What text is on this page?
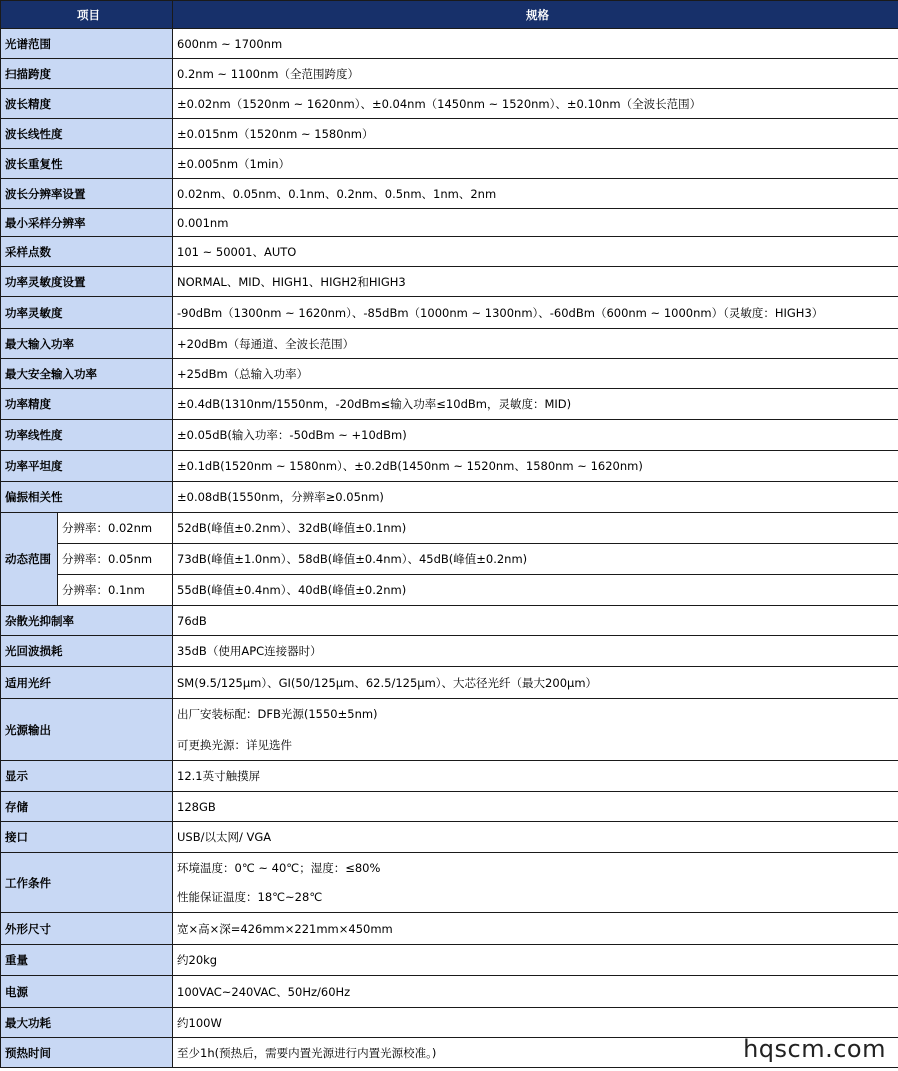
项目		规格
光谱范围		600nm ~ 1700nm
扫描跨度		0.2nm ~ 1100nm（全范围跨度）
波长精度		±0.02nm（1520nm ~ 1620nm）、±0.04nm（1450nm ~ 1520nm）、±0.10nm（全波长范围）
波长线性度		±0.015nm（1520nm ~ 1580nm）
波长重复性		±0.005nm（1min）
波长分辨率设置		0.02nm、0.05nm、0.1nm、0.2nm、0.5nm、1nm、2nm
最小采样分辨率		0.001nm
采样点数		101 ~ 50001、AUTO
功率灵敏度设置		NORMAL、MID、HIGH1、HIGH2和HIGH3
功率灵敏度		-90dBm（1300nm ~ 1620nm）、-85dBm（1000nm ~ 1300nm）、-60dBm（600nm ~ 1000nm）（灵敏度：HIGH3）
最大输入功率		+20dBm（每通道、全波长范围）
最大安全输入功率		+25dBm（总输入功率）
功率精度		±0.4dB(1310nm/1550nm，-20dBm≤输入功率≤10dBm，灵敏度：MID)
功率线性度		±0.05dB(输入功率：-50dBm ~ +10dBm)
功率平坦度		±0.1dB(1520nm ~ 1580nm）、±0.2dB(1450nm ~ 1520nm、1580nm ~ 1620nm)
偏振相关性		±0.08dB(1550nm，分辨率≥0.05nm)
动态范围	分辨率：0.02nm	52dB(峰值±0.2nm）、32dB(峰值±0.1nm)
	分辨率：0.05nm	73dB(峰值±1.0nm）、58dB(峰值±0.4nm）、45dB(峰值±0.2nm)
	分辨率：0.1nm	55dB(峰值±0.4nm）、40dB(峰值±0.2nm)
杂散光抑制率		76dB
光回波损耗		35dB（使用APC连接器时）
适用光纤		SM(9.5/125μm）、GI(50/125μm、62.5/125μm）、大芯径光纤（最大200μm）
光源输出		出厂安装标配：DFB光源(1550±5nm)
		可更换光源：详见选件
显示		12.1英寸触摸屏
存储		128GB
接口		USB/以太网/ VGA
工作条件		环境温度：0℃ ~ 40℃；湿度：≤80%
		性能保证温度：18℃~28℃
外形尺寸		宽×高×深=426mm×221mm×450mm
重量		约20kg
电源		100VAC~240VAC、50Hz/60Hz
最大功耗		约100W
预热时间		至少1h(预热后，需要内置光源进行内置光源校准。)	hqscm.com
